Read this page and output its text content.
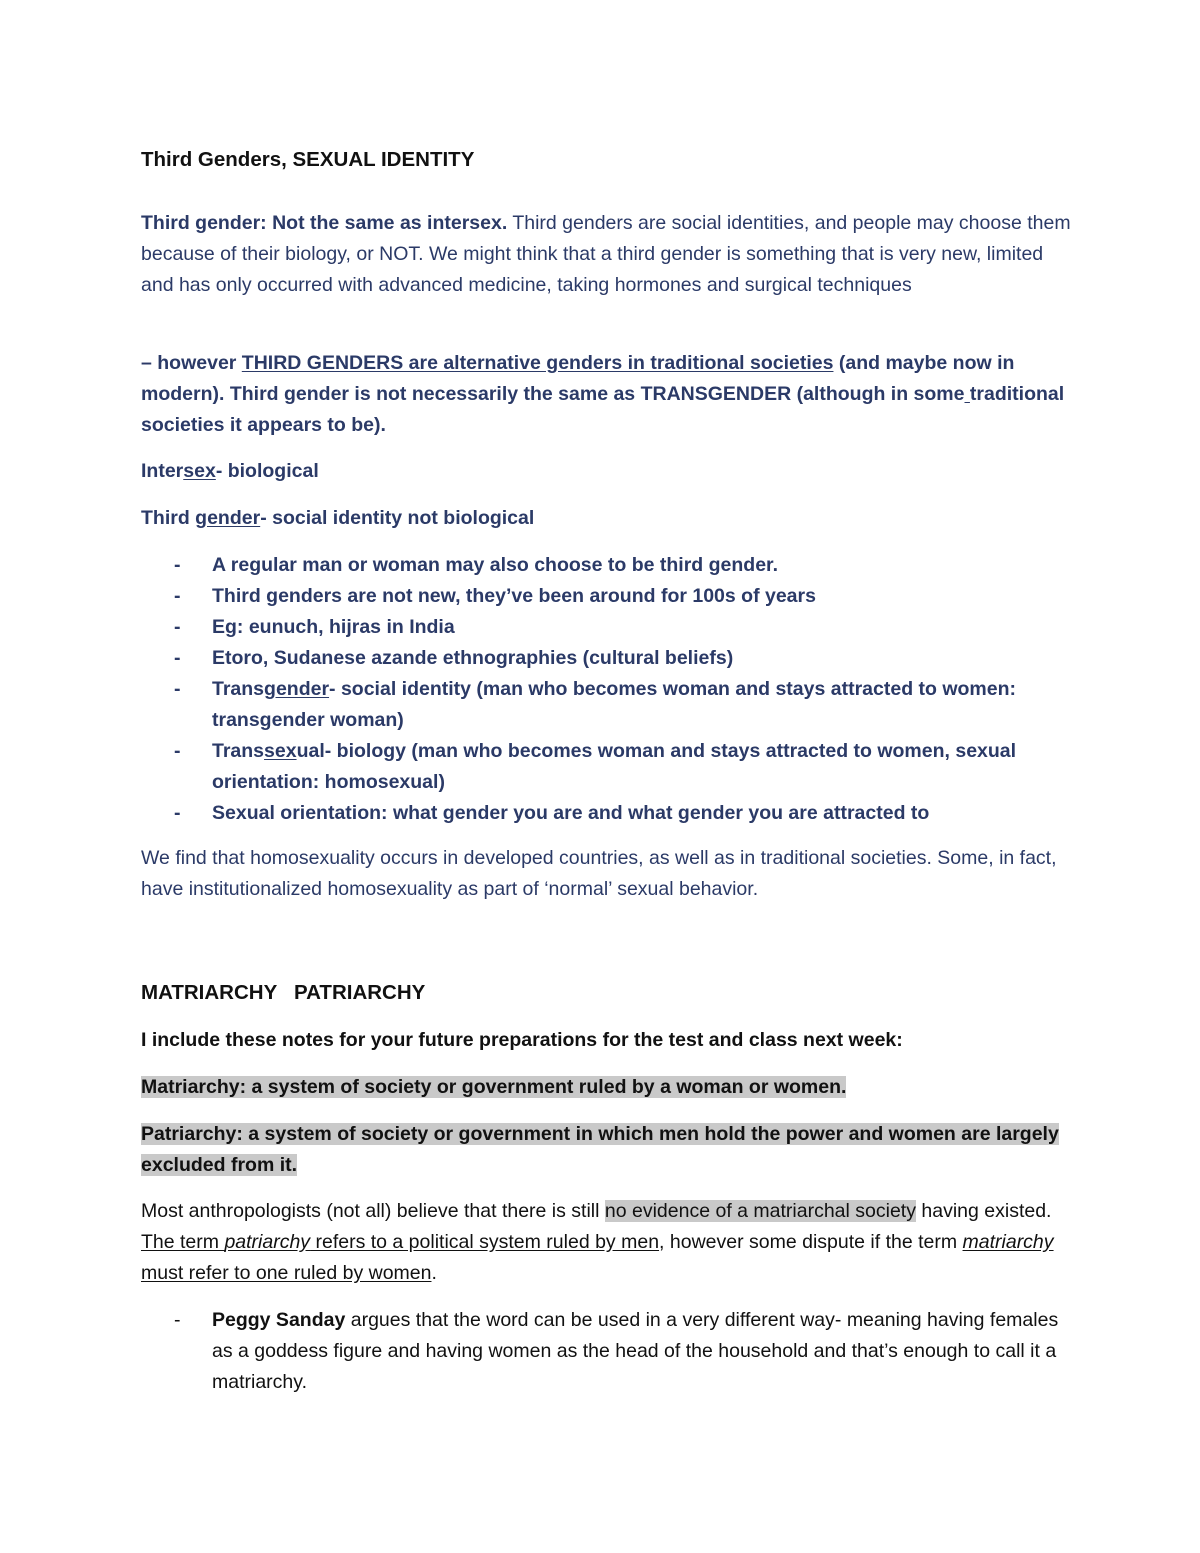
Third Genders, SEXUAL IDENTITY

Third gender: Not the same as intersex. Third genders are social identities, and people may choose them because of their biology, or NOT. We might think that a third gender is something that is very new, limited and has only occurred with advanced medicine, taking hormones and surgical techniques

– however THIRD GENDERS are alternative genders in traditional societies (and maybe now in modern). Third gender is not necessarily the same as TRANSGENDER (although in some traditional societies it appears to be).

Intersex- biological

Third gender- social identity not biological

- A regular man or woman may also choose to be third gender.
- Third genders are not new, they’ve been around for 100s of years
- Eg: eunuch, hijras in India
- Etoro, Sudanese azande ethnographies (cultural beliefs)
- Transgender- social identity (man who becomes woman and stays attracted to women: transgender woman)
- Transsexual- biology (man who becomes woman and stays attracted to women, sexual orientation: homosexual)
- Sexual orientation: what gender you are and what gender you are attracted to

We find that homosexuality occurs in developed countries, as well as in traditional societies. Some, in fact, have institutionalized homosexuality as part of ‘normal’ sexual behavior.

MATRIARCHY   PATRIARCHY

I include these notes for your future preparations for the test and class next week:

Matriarchy: a system of society or government ruled by a woman or women.

Patriarchy: a system of society or government in which men hold the power and women are largely excluded from it.

Most anthropologists (not all) believe that there is still no evidence of a matriarchal society having existed. The term patriarchy refers to a political system ruled by men, however some dispute if the term matriarchy must refer to one ruled by women.

- Peggy Sanday argues that the word can be used in a very different way- meaning having females as a goddess figure and having women as the head of the household and that’s enough to call it a matriarchy.
